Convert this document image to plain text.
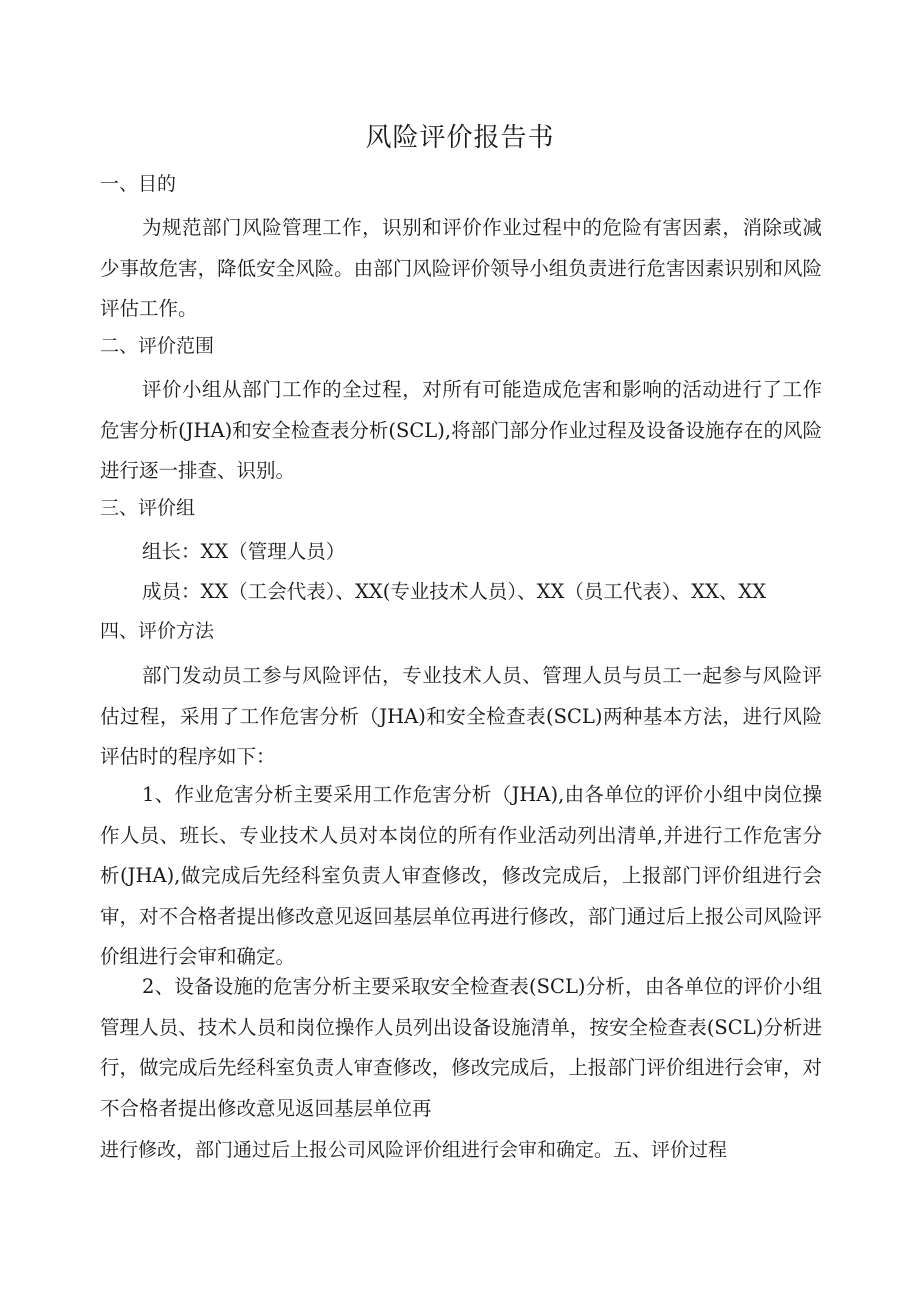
风险评价报告书
一、目的
为规范部门风险管理工作，识别和评价作业过程中的危险有害因素，消除或减少事故危害，降低安全风险。由部门风险评价领导小组负责进行危害因素识别和风险评估工作。
二、评价范围
评价小组从部门工作的全过程，对所有可能造成危害和影响的活动进行了工作危害分析(JHA)和安全检查表分析(SCL),将部门部分作业过程及设备设施存在的风险进行逐一排查、识别。
三、评价组
组长：XX（管理人员）
成员：XX（工会代表）、XX(专业技术人员）、XX（员工代表）、XX、XX
四、评价方法
部门发动员工参与风险评估，专业技术人员、管理人员与员工一起参与风险评估过程，采用了工作危害分析（JHA)和安全检查表(SCL)两种基本方法，进行风险评估时的程序如下：
1、作业危害分析主要采用工作危害分析（JHA),由各单位的评价小组中岗位操作人员、班长、专业技术人员对本岗位的所有作业活动列出清单,并进行工作危害分析(JHA),做完成后先经科室负责人审查修改，修改完成后，上报部门评价组进行会审，对不合格者提出修改意见返回基层单位再进行修改，部门通过后上报公司风险评价组进行会审和确定。
2、设备设施的危害分析主要采取安全检查表(SCL)分析，由各单位的评价小组管理人员、技术人员和岗位操作人员列出设备设施清单，按安全检查表(SCL)分析进行，做完成后先经科室负责人审查修改，修改完成后，上报部门评价组进行会审，对不合格者提出修改意见返回基层单位再
进行修改，部门通过后上报公司风险评价组进行会审和确定。五、评价过程
